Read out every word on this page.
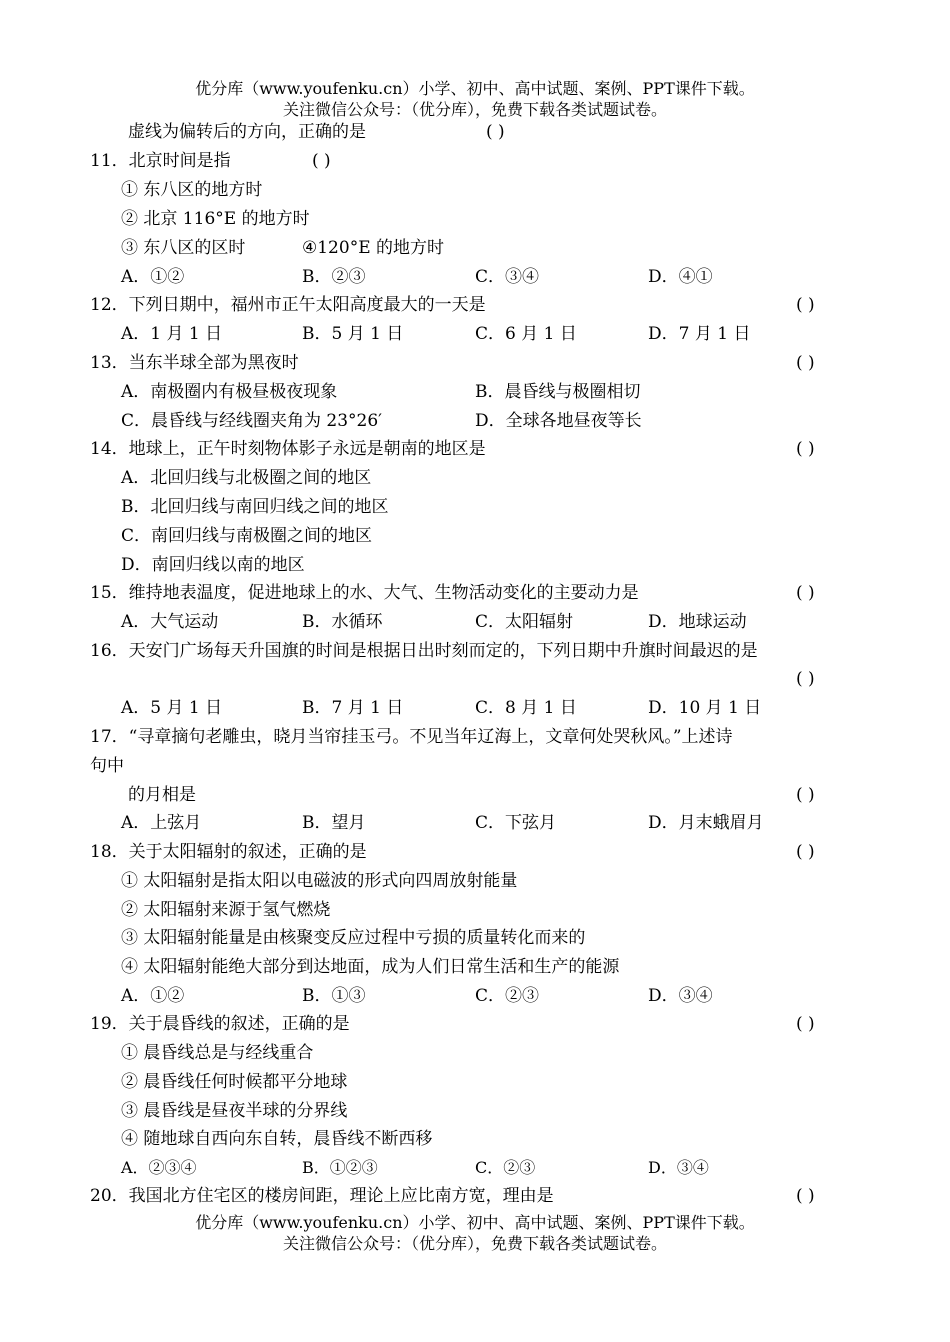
优分库（www.youfenku.cn）小学、初中、高中试题、案例、PPT课件下载。
关注微信公众号：（优分库），免费下载各类试题试卷。
虚线为偏转后的方向，正确的是	( )
11．北京时间是指	( )
① 东八区的地方时
② 北京 116°E 的地方时
③ 东八区的区时	④120°E 的地方时
A．①②	B．②③	C．③④	D．④①
12．下列日期中，福州市正午太阳高度最大的一天是	( )
A．1 月 1 日	B．5 月 1 日	C．6 月 1 日	D．7 月 1 日
13．当东半球全部为黑夜时	( )
A．南极圈内有极昼极夜现象	B．晨昏线与极圈相切
C．晨昏线与经线圈夹角为 23°26′	D．全球各地昼夜等长
14．地球上，正午时刻物体影子永远是朝南的地区是	( )
A．北回归线与北极圈之间的地区
B．北回归线与南回归线之间的地区
C．南回归线与南极圈之间的地区
D．南回归线以南的地区
15．维持地表温度，促进地球上的水、大气、生物活动变化的主要动力是	( )
A．大气运动	B．水循环	C．太阳辐射	D．地球运动
16．天安门广场每天升国旗的时间是根据日出时刻而定的，下列日期中升旗时间最迟的是
( )
A．5 月 1 日	B．7 月 1 日	C．8 月 1 日	D．10 月 1 日
17．“寻章摘句老雕虫，晓月当帘挂玉弓。不见当年辽海上，文章何处哭秋风。”上述诗
句中
的月相是	( )
A．上弦月	B．望月	C．下弦月	D．月末蛾眉月
18．关于太阳辐射的叙述，正确的是	( )
① 太阳辐射是指太阳以电磁波的形式向四周放射能量
② 太阳辐射来源于氢气燃烧
③ 太阳辐射能量是由核聚变反应过程中亏损的质量转化而来的
④ 太阳辐射能绝大部分到达地面，成为人们日常生活和生产的能源
A．①②	B．①③	C．②③	D．③④
19．关于晨昏线的叙述，正确的是	( )
① 晨昏线总是与经线重合
② 晨昏线任何时候都平分地球
③ 晨昏线是昼夜半球的分界线
④ 随地球自西向东自转，晨昏线不断西移
A．②③④	B．①②③	C．②③	D．③④
20．我国北方住宅区的楼房间距，理论上应比南方宽，理由是	( )
优分库（www.youfenku.cn）小学、初中、高中试题、案例、PPT课件下载。
关注微信公众号：（优分库），免费下载各类试题试卷。
